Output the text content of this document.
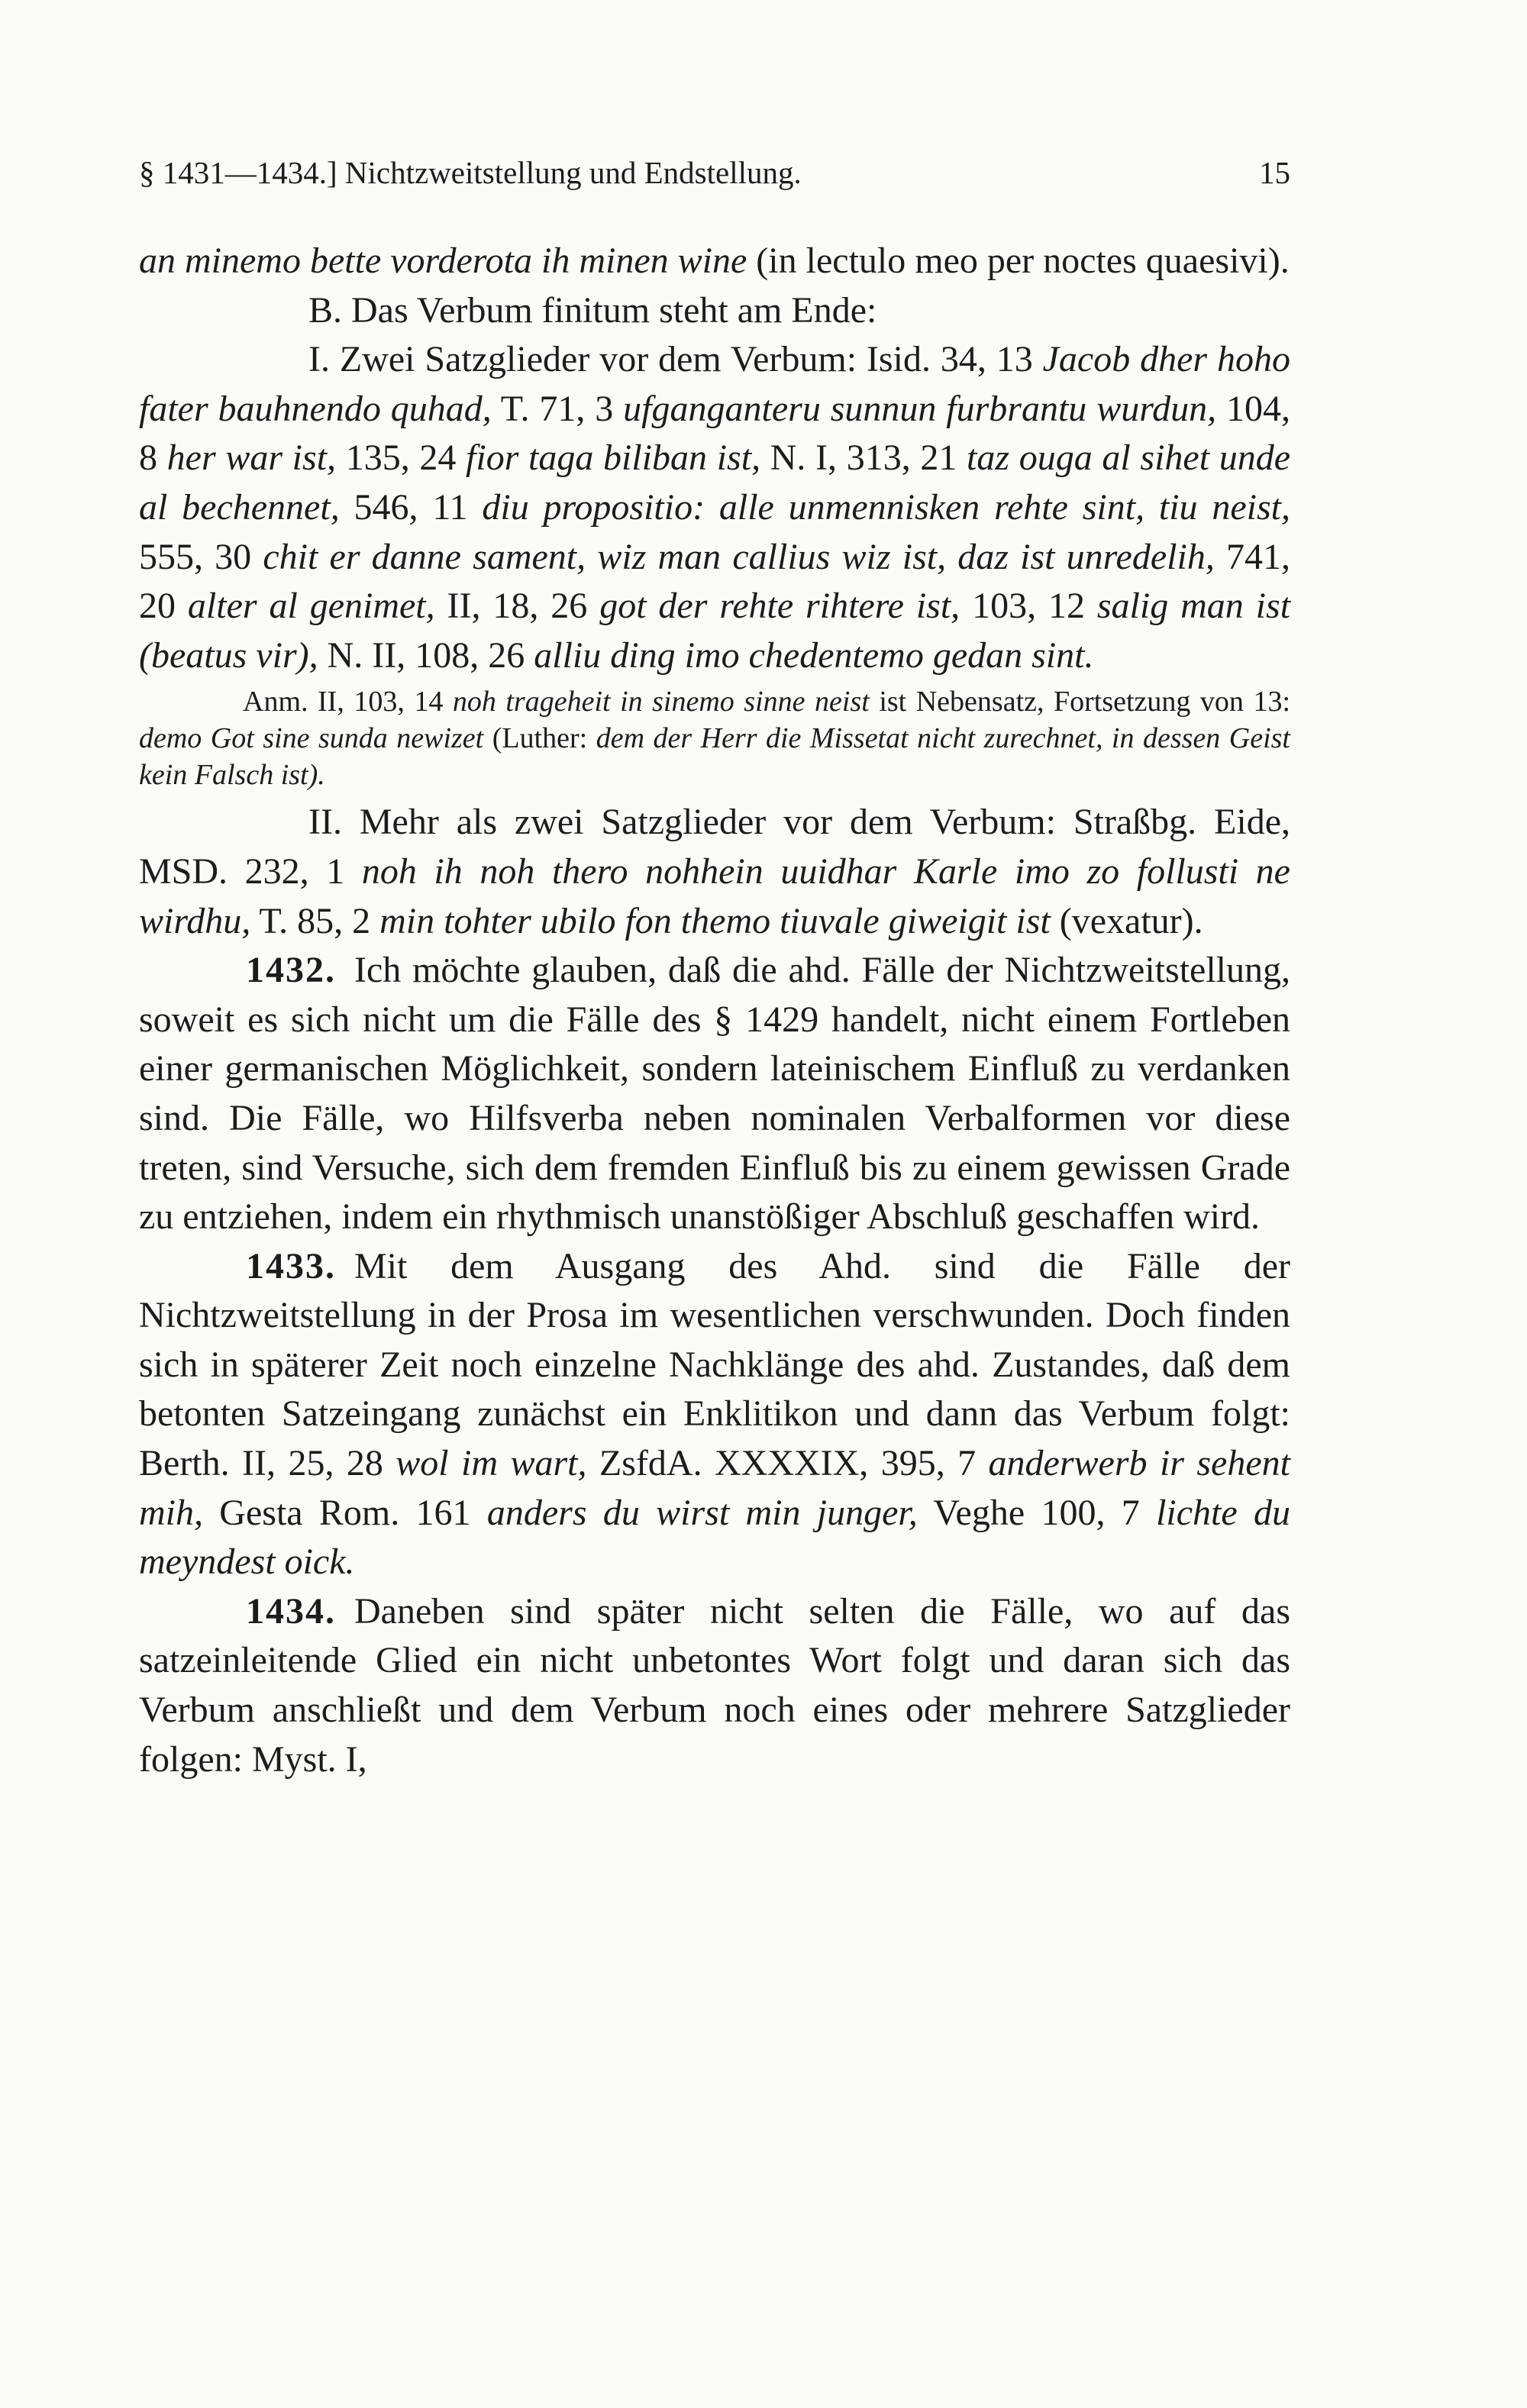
§ 1431—1434.] Nichtzweitstellung und Endstellung.	15

an minemo bette vorderota ih minen wine (in lectulo meo per noctes quaesivi).

B. Das Verbum finitum steht am Ende:

I. Zwei Satzglieder vor dem Verbum: Isid. 34, 13 Jacob dher hoho fater bauhnendo quhad, T. 71, 3 ufganganteru sunnun furbrantu wurdun, 104, 8 her war ist, 135, 24 fior taga biliban ist, N. I, 313, 21 taz ouga al sihet unde al bechennet, 546, 11 diu propositio: alle unmennisken rehte sint, tiu neist, 555, 30 chit er danne sament, wiz man callius wiz ist, daz ist unredelih, 741, 20 alter al genimet, II, 18, 26 got der rehte rihtere ist, 103, 12 salig man ist (beatus vir), N. II, 108, 26 alliu ding imo chedentemo gedan sint.

Anm. II, 103, 14 noh trageheit in sinemo sinne neist ist Nebensatz, Fortsetzung von 13: demo Got sine sunda newizet (Luther: dem der Herr die Missetat nicht zurechnet, in dessen Geist kein Falsch ist).

II. Mehr als zwei Satzglieder vor dem Verbum: Straßbg. Eide, MSD. 232, 1 noh ih noh thero nohhein uuidhar Karle imo zo follusti ne wirdhu, T. 85, 2 min tohter ubilo fon themo tiuvale giweigit ist (vexatur).

1432. Ich möchte glauben, daß die ahd. Fälle der Nichtzweitstellung, soweit es sich nicht um die Fälle des § 1429 handelt, nicht einem Fortleben einer germanischen Möglichkeit, sondern lateinischem Einfluß zu verdanken sind. Die Fälle, wo Hilfsverba neben nominalen Verbalformen vor diese treten, sind Versuche, sich dem fremden Einfluß bis zu einem gewissen Grade zu entziehen, indem ein rhythmisch unanstößiger Abschluß geschaffen wird.

1433. Mit dem Ausgang des Ahd. sind die Fälle der Nichtzweitstellung in der Prosa im wesentlichen verschwunden. Doch finden sich in späterer Zeit noch einzelne Nachklänge des ahd. Zustandes, daß dem betonten Satzeingang zunächst ein Enklitikon und dann das Verbum folgt: Berth. II, 25, 28 wol im wart, ZsfdA. XXXXIX, 395, 7 anderwerb ir sehent mih, Gesta Rom. 161 anders du wirst min junger, Veghe 100, 7 lichte du meyndest oick.

1434. Daneben sind später nicht selten die Fälle, wo auf das satzeinleitende Glied ein nicht unbetontes Wort folgt und daran sich das Verbum anschließt und dem Verbum noch eines oder mehrere Satzglieder folgen: Myst. I,
